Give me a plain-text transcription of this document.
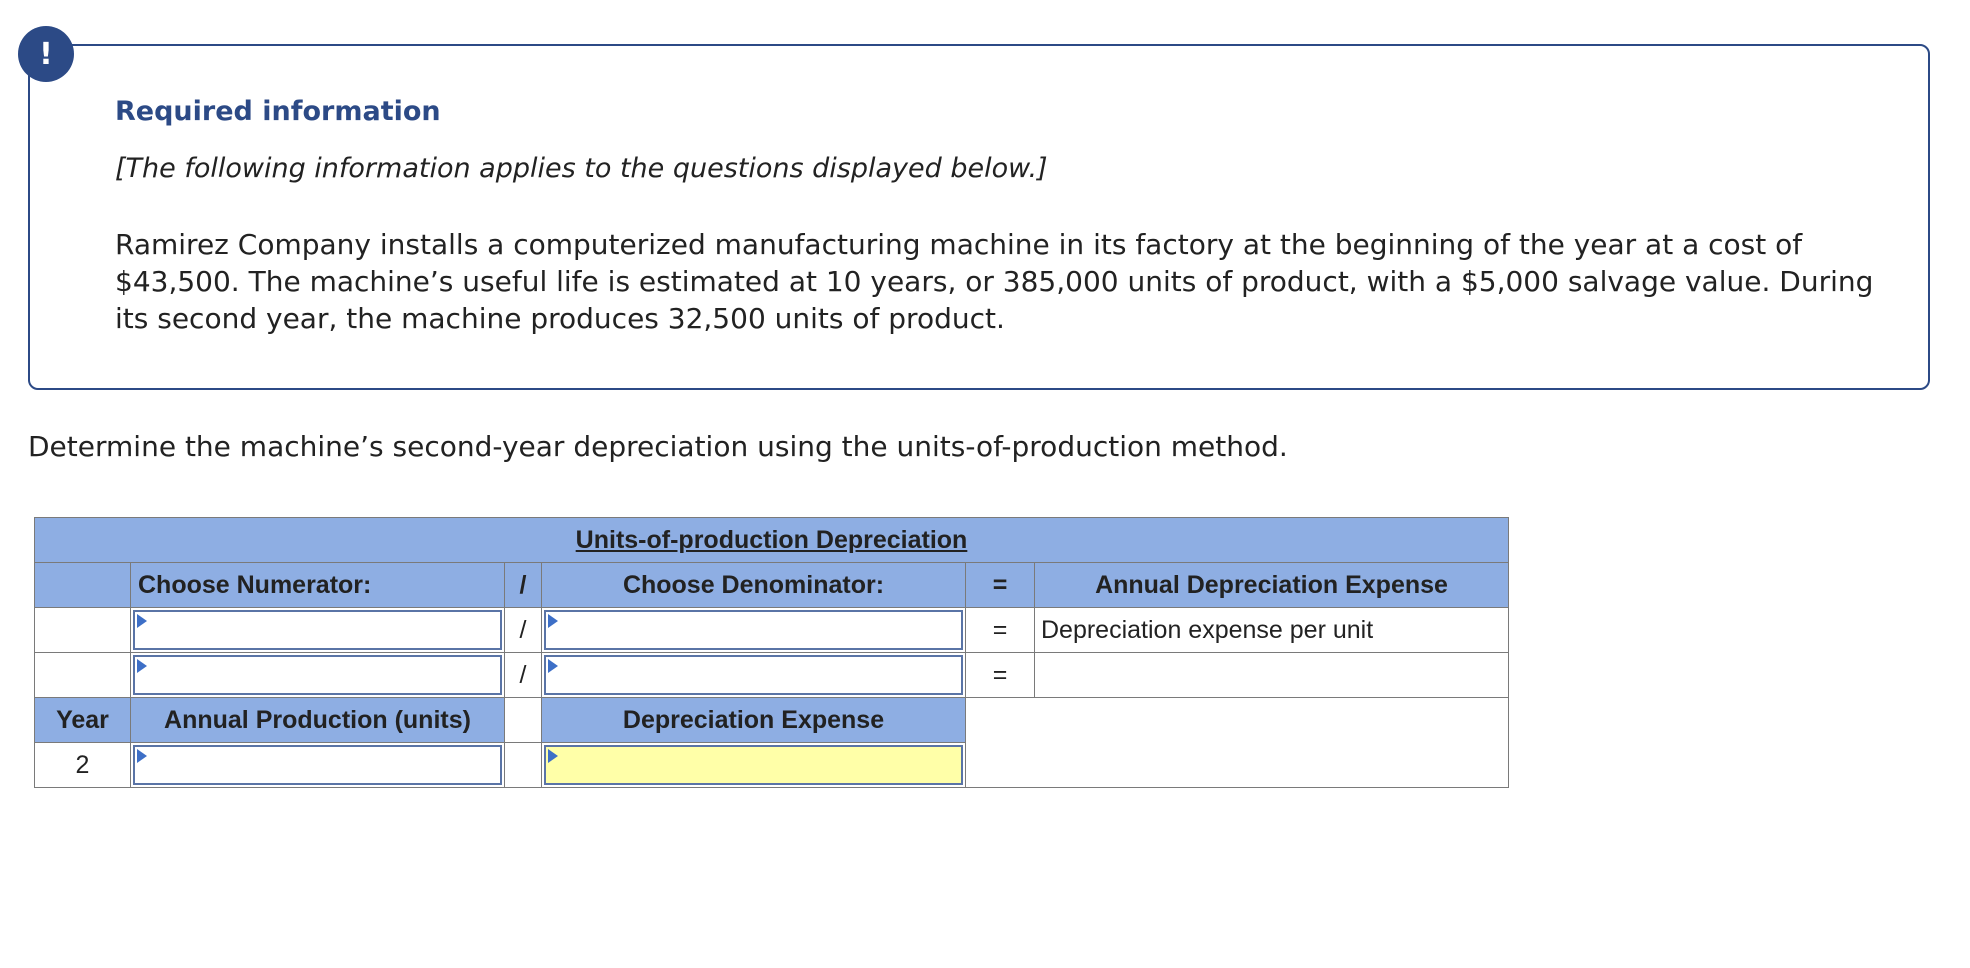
!

Required information

[The following information applies to the questions displayed below.]

Ramirez Company installs a computerized manufacturing machine in its factory at the beginning of the year at a cost of $43,500. The machine’s useful life is estimated at 10 years, or 385,000 units of product, with a $5,000 salvage value. During its second year, the machine produces 32,500 units of product.

Determine the machine’s second-year depreciation using the units-of-production method.

Units-of-production Depreciation					
	Choose Numerator:	/	Choose Denominator:	=	Annual Depreciation Expense

	/		=	Depreciation expense per unit

	/		=	
Year	Annual Production (units)		Depreciation Expense		
2			
